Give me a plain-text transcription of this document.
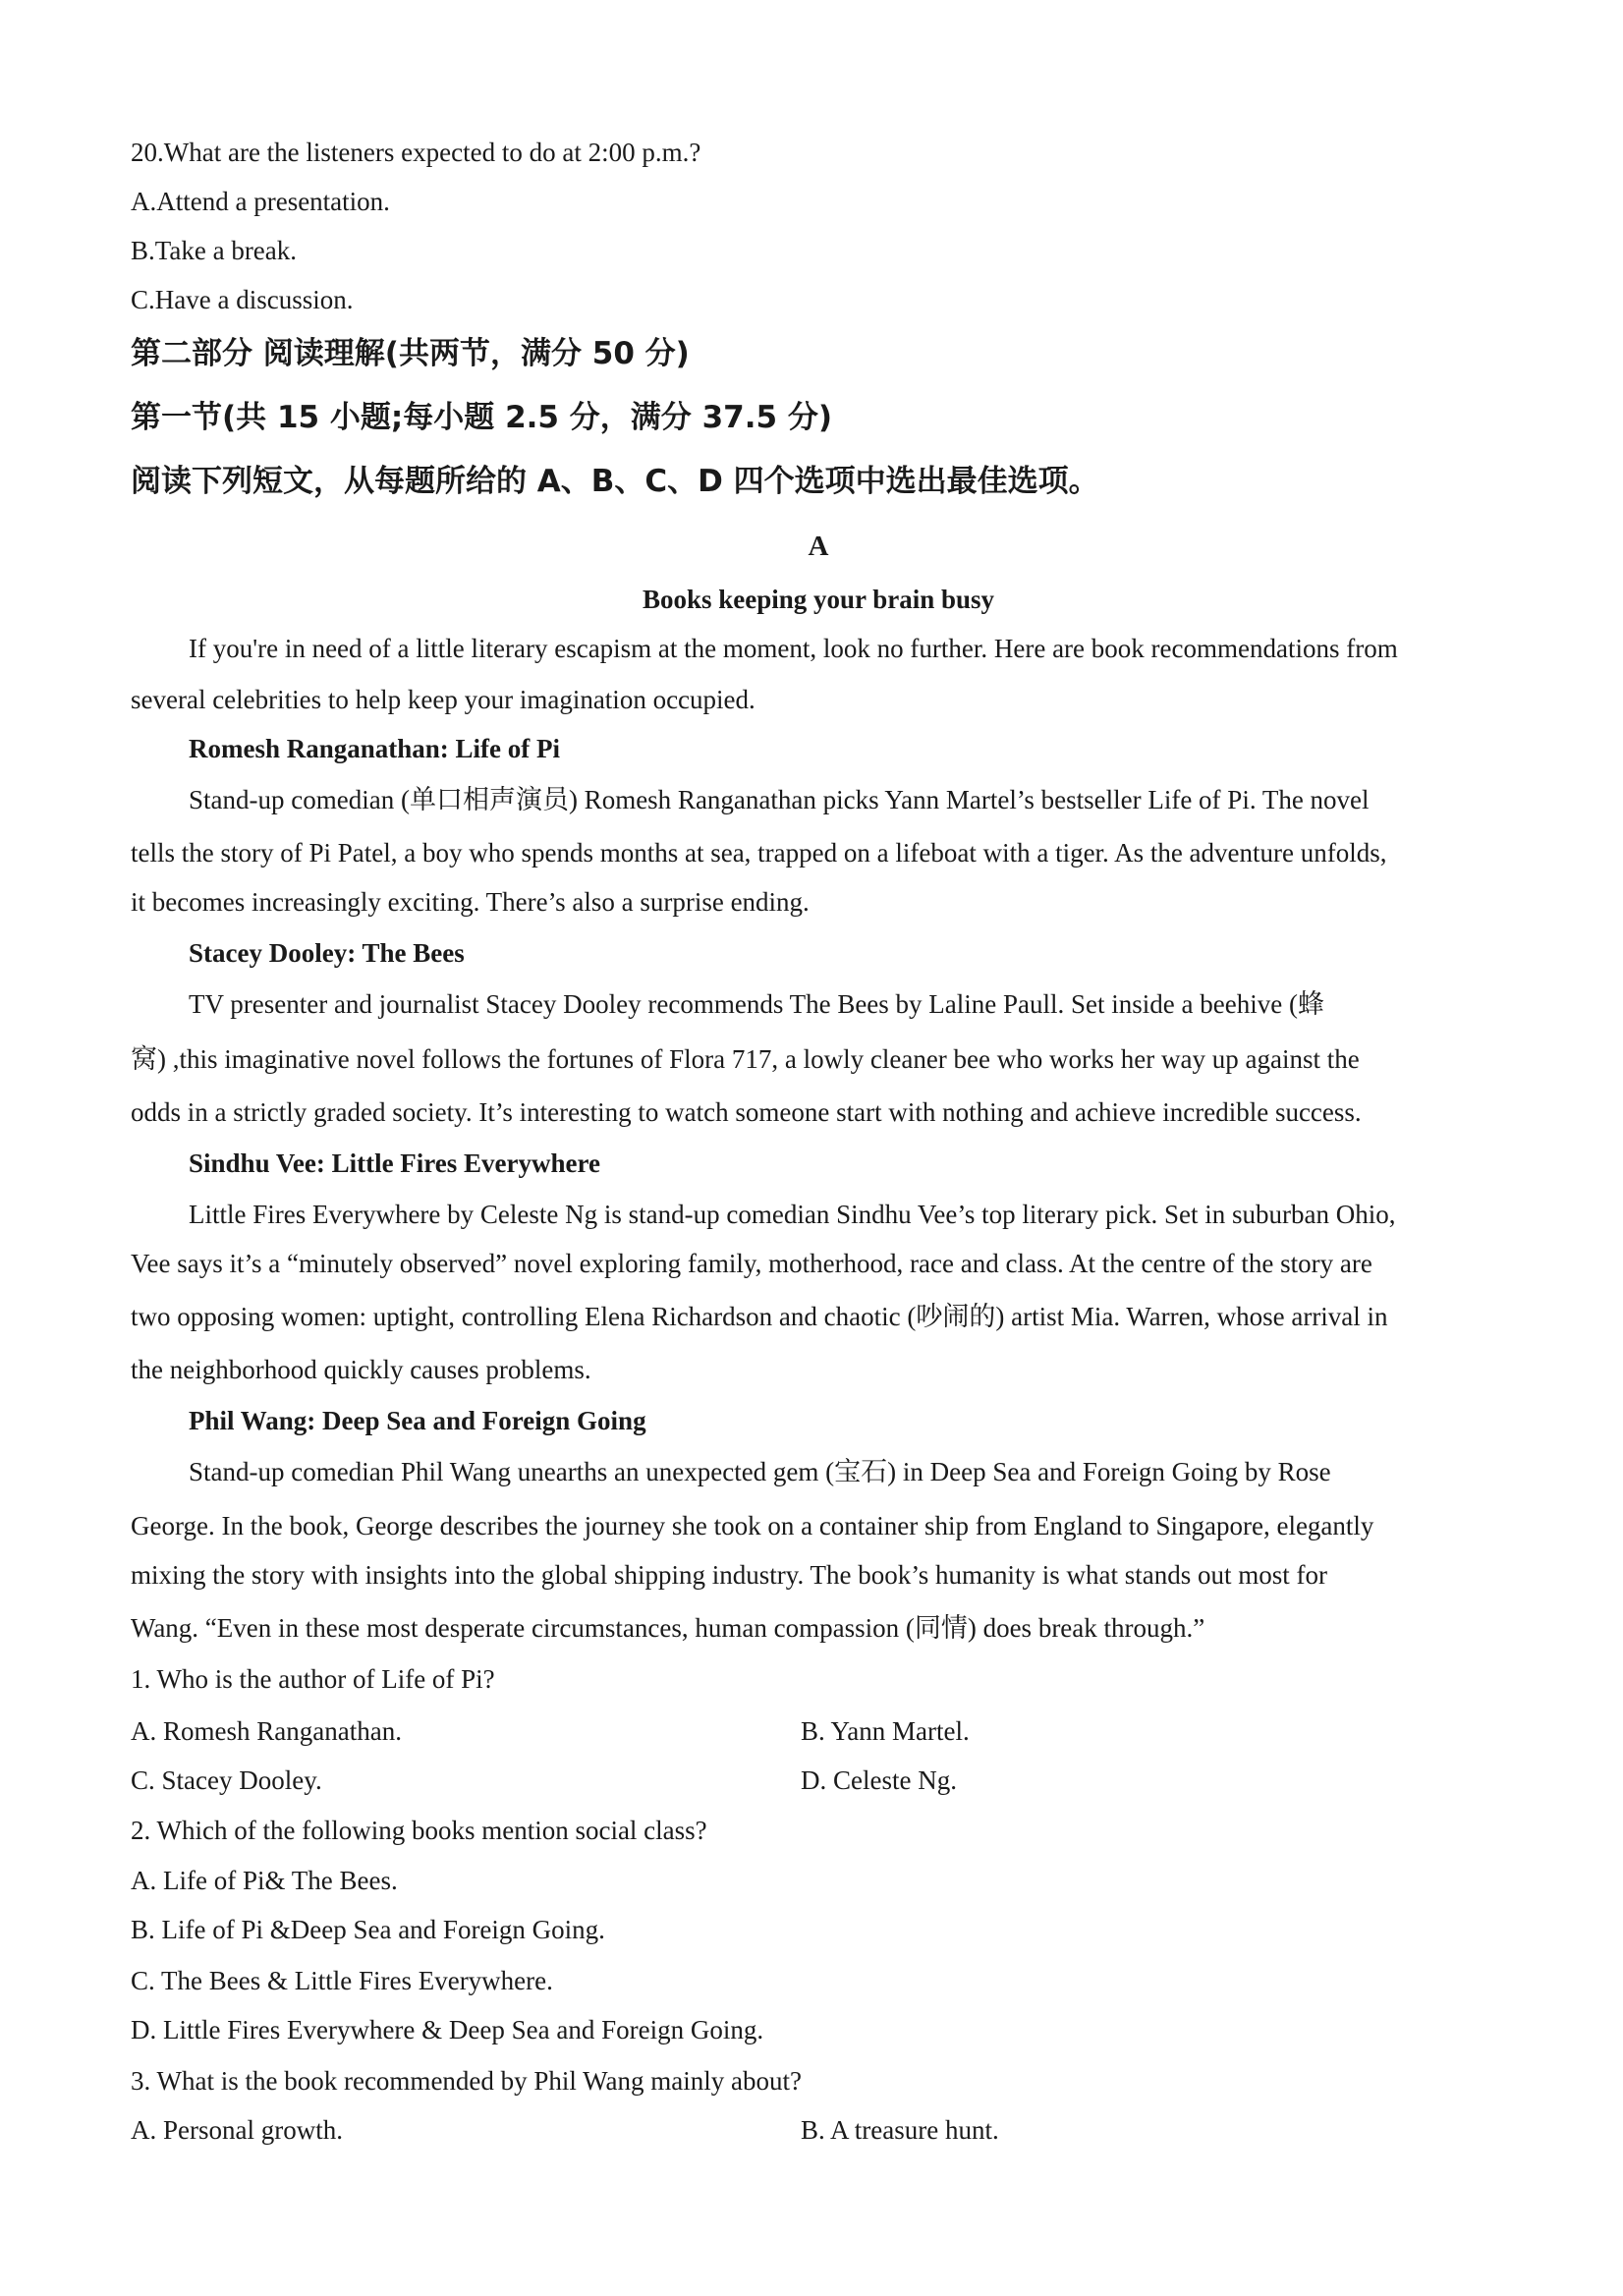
20.What are the listeners expected to do at 2:00 p.m.?
A.Attend a presentation.
B.Take a break.
C.Have a discussion.
第二部分 阅读理解(共两节，满分 50 分)
第一节(共 15 小题;每小题 2.5 分，满分 37.5 分)
阅读下列短文，从每题所给的 A、B、C、D 四个选项中选出最佳选项。
A
Books keeping your brain busy
If you're in need of a little literary escapism at the moment, look no further. Here are book recommendations from
several celebrities to help keep your imagination occupied.
Romesh Ranganathan: Life of Pi
Stand-up comedian (单口相声演员) Romesh Ranganathan picks Yann Martel’s bestseller Life of Pi. The novel
tells the story of Pi Patel, a boy who spends months at sea, trapped on a lifeboat with a tiger. As the adventure unfolds,
it becomes increasingly exciting. There’s also a surprise ending.
Stacey Dooley: The Bees
TV presenter and journalist Stacey Dooley recommends The Bees by Laline Paull. Set inside a beehive (蜂
窝) ,this imaginative novel follows the fortunes of Flora 717, a lowly cleaner bee who works her way up against the
odds in a strictly graded society. It’s interesting to watch someone start with nothing and achieve incredible success.
Sindhu Vee: Little Fires Everywhere
Little Fires Everywhere by Celeste Ng is stand-up comedian Sindhu Vee’s top literary pick. Set in suburban Ohio,
Vee says it’s a “minutely observed” novel exploring family, motherhood, race and class. At the centre of the story are
two opposing women: uptight, controlling Elena Richardson and chaotic (吵闹的) artist Mia. Warren, whose arrival in
the neighborhood quickly causes problems.
Phil Wang: Deep Sea and Foreign Going
Stand-up comedian Phil Wang unearths an unexpected gem (宝石) in Deep Sea and Foreign Going by Rose
George. In the book, George describes the journey she took on a container ship from England to Singapore, elegantly
mixing the story with insights into the global shipping industry. The book’s humanity is what stands out most for
Wang. “Even in these most desperate circumstances, human compassion (同情) does break through.”
1. Who is the author of Life of Pi?
A. Romesh Ranganathan.	B. Yann Martel.
C. Stacey Dooley.	D. Celeste Ng.
2. Which of the following books mention social class?
A. Life of Pi& The Bees.
B. Life of Pi &Deep Sea and Foreign Going.
C. The Bees & Little Fires Everywhere.
D. Little Fires Everywhere & Deep Sea and Foreign Going.
3. What is the book recommended by Phil Wang mainly about?
A. Personal growth.	B. A treasure hunt.
